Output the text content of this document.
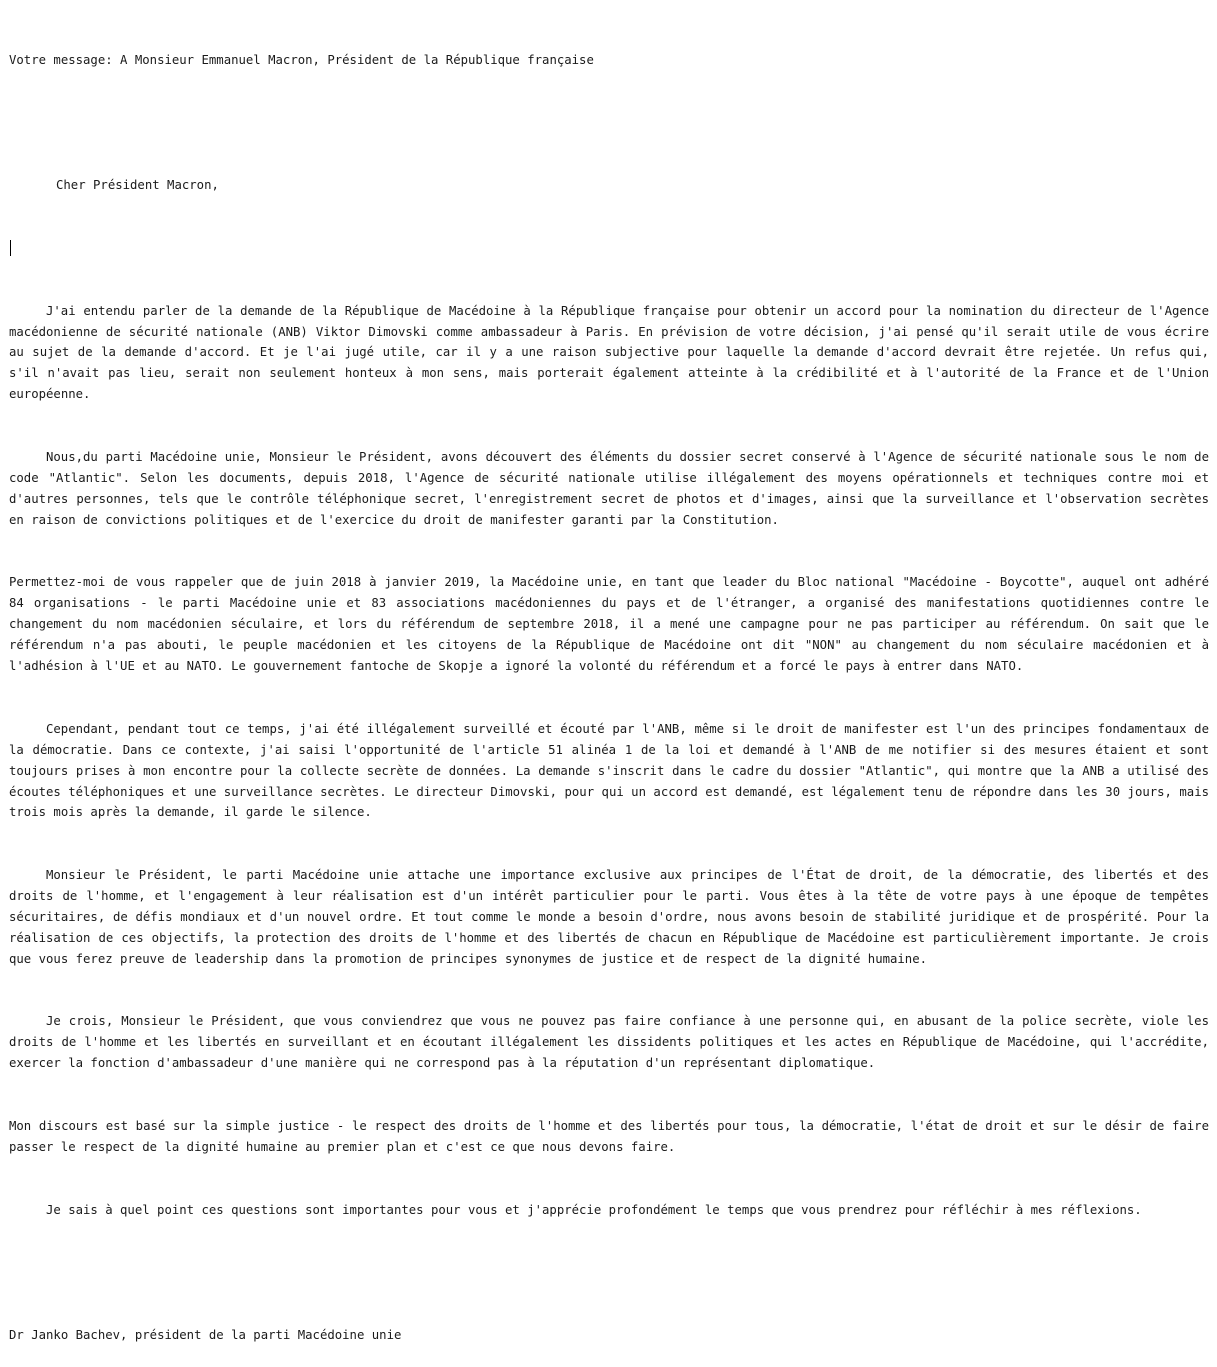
Votre message: A Monsieur Emmanuel Macron, Président de la République française

Cher Président Macron,

J'ai entendu parler de la demande de la République de Macédoine à la République française pour obtenir un accord pour la nomination du directeur de l'Agence macédonienne de sécurité nationale (ANB) Viktor Dimovski comme ambassadeur à Paris. En prévision de votre décision, j'ai pensé qu'il serait utile de vous écrire au sujet de la demande d'accord. Et je l'ai jugé utile, car il y a une raison subjective pour laquelle la demande d'accord devrait être rejetée. Un refus qui, s'il n'avait pas lieu, serait non seulement honteux à mon sens, mais porterait également atteinte à la crédibilité et à l'autorité de la France et de l'Union européenne.

Nous,du parti Macédoine unie, Monsieur le Président, avons découvert des éléments du dossier secret conservé à l'Agence de sécurité nationale sous le nom de code "Atlantic". Selon les documents, depuis 2018, l'Agence de sécurité nationale utilise illégalement des moyens opérationnels et techniques contre moi et d'autres personnes, tels que le contrôle téléphonique secret, l'enregistrement secret de photos et d'images, ainsi que la surveillance et l'observation secrètes en raison de convictions politiques et de l'exercice du droit de manifester garanti par la Constitution.

Permettez-moi de vous rappeler que de juin 2018 à janvier 2019, la Macédoine unie, en tant que leader du Bloc national "Macédoine - Boycotte", auquel ont adhéré 84 organisations - le parti Macédoine unie et 83 associations macédoniennes du pays et de l'étranger, a organisé des manifestations quotidiennes contre le changement du nom macédonien séculaire, et lors du référendum de septembre 2018, il a mené une campagne pour ne pas participer au référendum. On sait que le référendum n'a pas abouti, le peuple macédonien et les citoyens de la République de Macédoine ont dit "NON" au changement du nom séculaire macédonien et à l'adhésion à l'UE et au NATO. Le gouvernement fantoche de Skopje a ignoré la volonté du référendum et a forcé le pays à entrer dans NATO.

Cependant, pendant tout ce temps, j'ai été illégalement surveillé et écouté par l'ANB, même si le droit de manifester est l'un des principes fondamentaux de la démocratie. Dans ce contexte, j'ai saisi l'opportunité de l'article 51 alinéa 1 de la loi et demandé à l'ANB de me notifier si des mesures étaient et sont toujours prises à mon encontre pour la collecte secrète de données. La demande s'inscrit dans le cadre du dossier "Atlantic", qui montre que la ANB a utilisé des écoutes téléphoniques et une surveillance secrètes. Le directeur Dimovski, pour qui un accord est demandé, est légalement tenu de répondre dans les 30 jours, mais trois mois après la demande, il garde le silence.

Monsieur le Président, le parti Macédoine unie attache une importance exclusive aux principes de l'État de droit, de la démocratie, des libertés et des droits de l'homme, et l'engagement à leur réalisation est d'un intérêt particulier pour le parti. Vous êtes à la tête de votre pays à une époque de tempêtes sécuritaires, de défis mondiaux et d'un nouvel ordre. Et tout comme le monde a besoin d'ordre, nous avons besoin de stabilité juridique et de prospérité. Pour la réalisation de ces objectifs, la protection des droits de l'homme et des libertés de chacun en République de Macédoine est particulièrement importante. Je crois que vous ferez preuve de leadership dans la promotion de principes synonymes de justice et de respect de la dignité humaine.

Je crois, Monsieur le Président, que vous conviendrez que vous ne pouvez pas faire confiance à une personne qui, en abusant de la police secrète, viole les droits de l'homme et les libertés en surveillant et en écoutant illégalement les dissidents politiques et les actes en République de Macédoine, qui l'accrédite, exercer la fonction d'ambassadeur d'une manière qui ne correspond pas à la réputation d'un représentant diplomatique.

Mon discours est basé sur la simple justice - le respect des droits de l'homme et des libertés pour tous, la démocratie, l'état de droit et sur le désir de faire passer le respect de la dignité humaine au premier plan et c'est ce que nous devons faire.

Je sais à quel point ces questions sont importantes pour vous et j'apprécie profondément le temps que vous prendrez pour réfléchir à mes réflexions.

Dr Janko Bachev, président de la parti Macédoine unie
